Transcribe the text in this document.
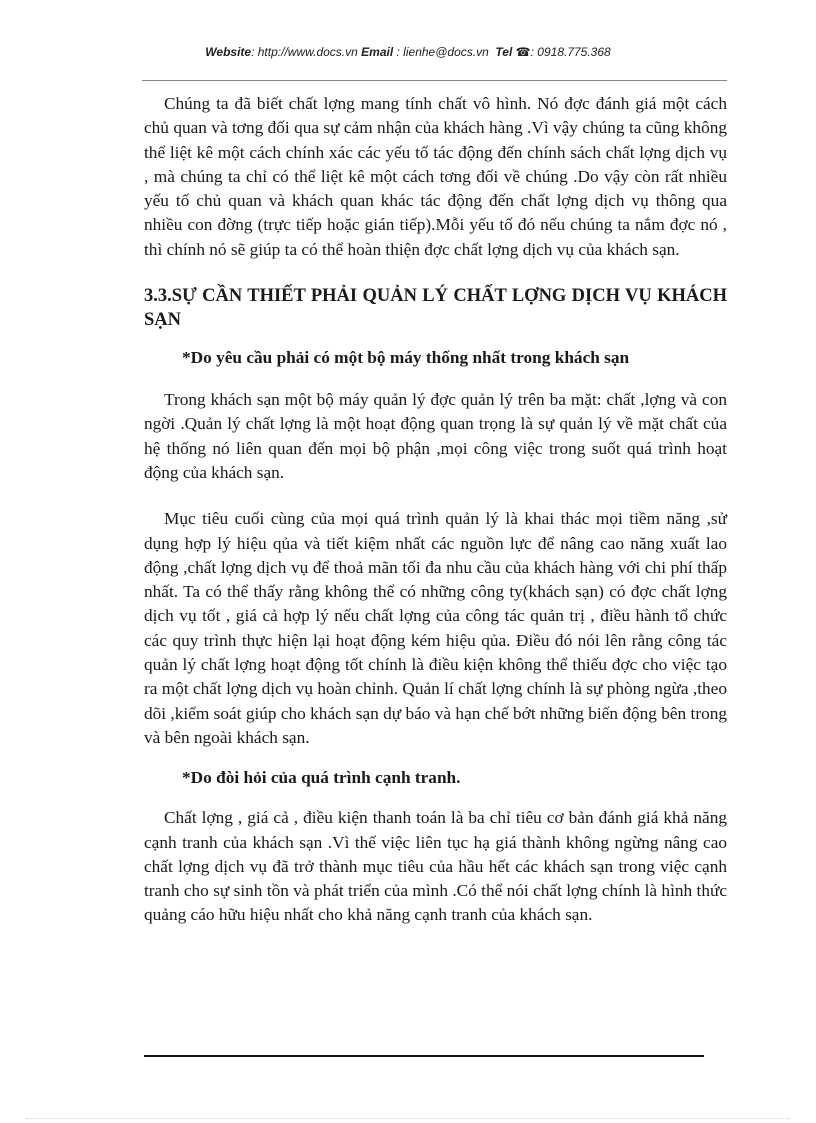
Website: http://www.docs.vn Email : lienhe@docs.vn Tel ☎: 0918.775.368

Chúng ta đã biết chất lợng mang tính chất vô hình. Nó đợc đánh giá một cách chủ quan và tơng đối qua sự cảm nhận của khách hàng .Vì vậy chúng ta cũng không thể liệt kê một cách chính xác các yếu tố tác động đến chính sách chất lợng dịch vụ , mà chúng ta chỉ có thể liệt kê một cách tơng đối về chúng .Do vậy còn rất nhiều yếu tố chủ quan và khách quan khác tác động đến chất lợng dịch vụ thông qua nhiều con đờng (trực tiếp hoặc gián tiếp).Mỗi yếu tố đó nếu chúng ta nắm đợc nó , thì chính nó sẽ giúp ta có thể hoàn thiện đợc chất lợng dịch vụ của khách sạn.

3.3.SỰ CẦN THIẾT PHẢI QUẢN LÝ CHẤT LỢNG DỊCH VỤ KHÁCH SẠN
*Do yêu cầu phải có một bộ máy thống nhất trong khách sạn

Trong khách sạn một bộ máy quản lý đợc quản lý trên ba mặt: chất ,lợng và con ngời .Quản lý chất lợng là một hoạt động quan trọng là sự quản lý về mặt chất của hệ thống nó liên quan đến mọi bộ phận ,mọi công việc trong suốt quá trình hoạt động của khách sạn.

Mục tiêu cuối cùng của mọi quá trình quản lý là khai thác mọi tiềm năng ,sử dụng hợp lý hiệu qủa và tiết kiệm nhất các nguồn lực để nâng cao năng xuất lao động ,chất lợng dịch vụ để thoả mãn tối đa nhu cầu của khách hàng với chi phí thấp nhất. Ta có thể thấy rằng không thể có những công ty(khách sạn) có đợc chất lợng dịch vụ tốt , giá cả hợp lý nếu chất lợng của công tác quản trị , điều hành tổ chức các quy trình thực hiện lại hoạt động kém hiệu qủa. Điều đó nói lên rằng công tác quản lý chất lợng hoạt động tốt chính là điều kiện không thể thiếu đợc cho việc tạo ra một chất lợng dịch vụ hoàn chỉnh. Quản lí chất lợng chính là sự phòng ngừa ,theo dõi ,kiểm soát giúp cho khách sạn dự báo và hạn chế bớt những biến động bên trong và bên ngoài khách sạn.

*Do đòi hỏi của quá trình cạnh tranh.

Chất lợng , giá cả , điều kiện thanh toán là ba chỉ tiêu cơ bản đánh giá khả năng cạnh tranh của khách sạn .Vì thế việc liên tục hạ giá thành không ngừng nâng cao chất lợng dịch vụ đã trở thành mục tiêu của hầu hết các khách sạn trong việc cạnh tranh cho sự sinh tồn và phát triển của mình .Có thể nói chất lợng chính là hình thức quảng cáo hữu hiệu nhất cho khả năng cạnh tranh của khách sạn.
